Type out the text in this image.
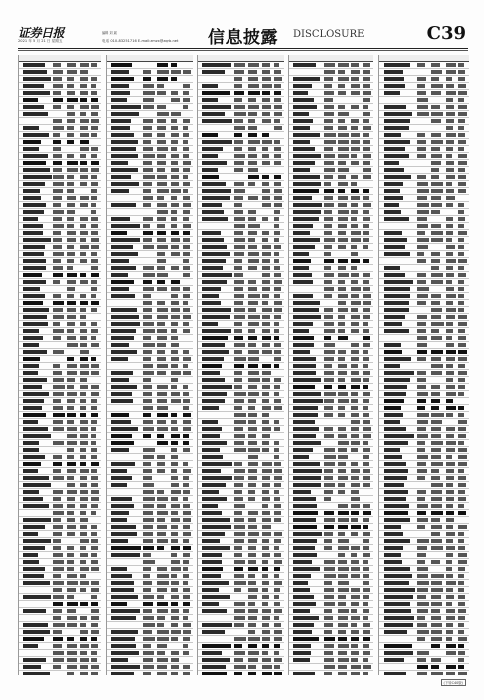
证券日报
2021 年 5 月 21 日 星期五
编辑 刘 斌
电话 010-83251716 E-mail:zmzx@zqrb.net 信息披露 DISCLOSURE	C39
(下转C40版)
